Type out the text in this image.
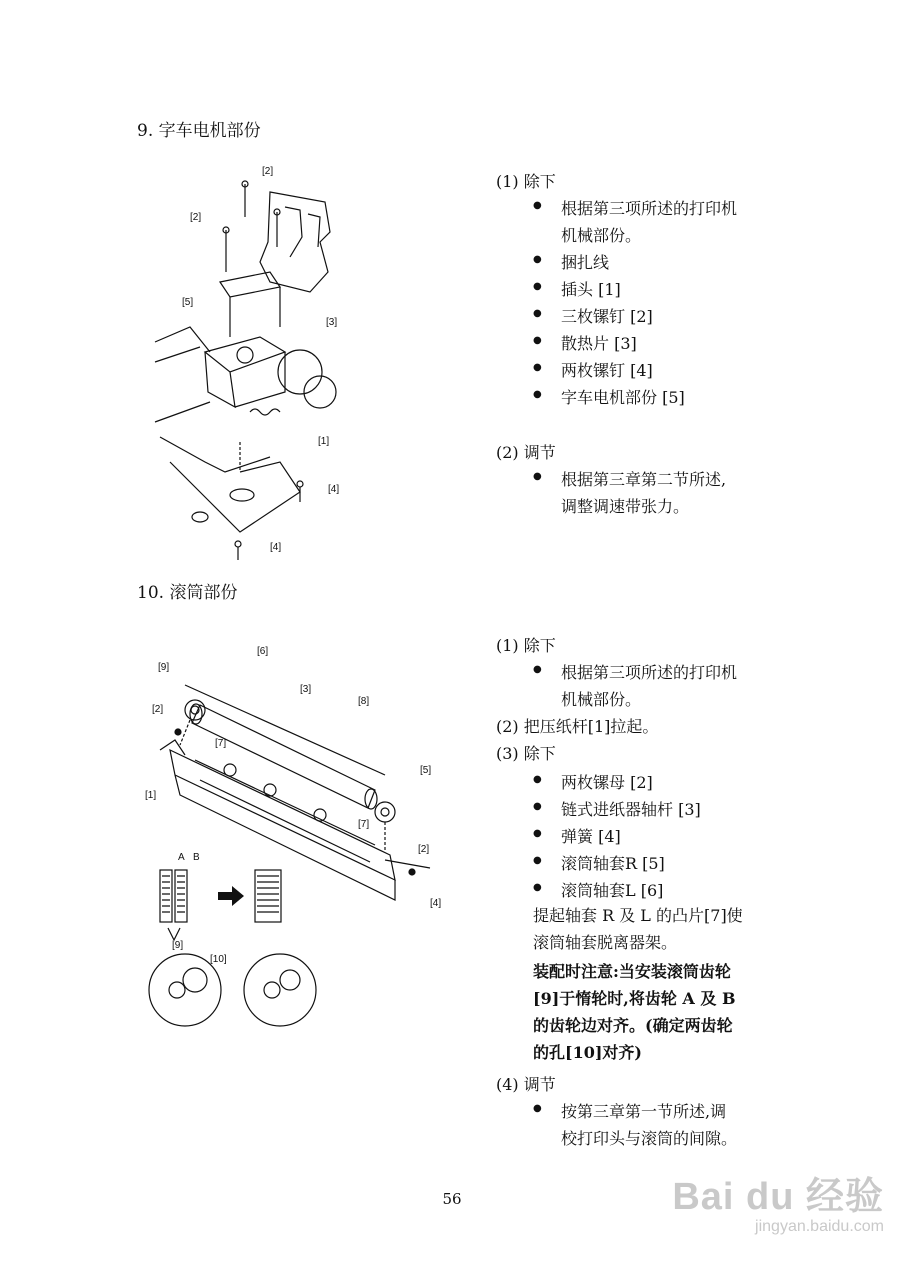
9. 字车电机部份
[2]
[2]
[5]
[3]
[1]
[4]
[4]
(1) 除下
● 根据第三项所述的打印机
机械部份。
● 捆扎线
● 插头 [1]
● 三枚镙钉 [2]
● 散热片 [3]
● 两枚镙钉 [4]
● 字车电机部份 [5]
(2) 调节
● 根据第三章第二节所述,
调整调速带张力。
10. 滚筒部份
[9]
[6]
[3]
[8]
[2]
[7]
[1]
[5]
[7]
[2]
[4]
A B
[9]
[10]
(1) 除下
● 根据第三项所述的打印机
机械部份。
(2) 把压纸杆[1]拉起。
(3) 除下
● 两枚镙母 [2]
● 链式进纸器轴杆 [3]
● 弹簧 [4]
● 滚筒轴套R [5]
● 滚筒轴套L [6]
提起轴套 R 及 L 的凸片[7]使
滚筒轴套脱离器架。
装配时注意:当安装滚筒齿轮
[9]于惰轮时,将齿轮 A 及 B
的齿轮边对齐。(确定两齿轮
的孔[10]对齐)
(4) 调节
● 按第三章第一节所述,调
校打印头与滚筒的间隙。
56	Bai du 经验
jingyan.baidu.com
